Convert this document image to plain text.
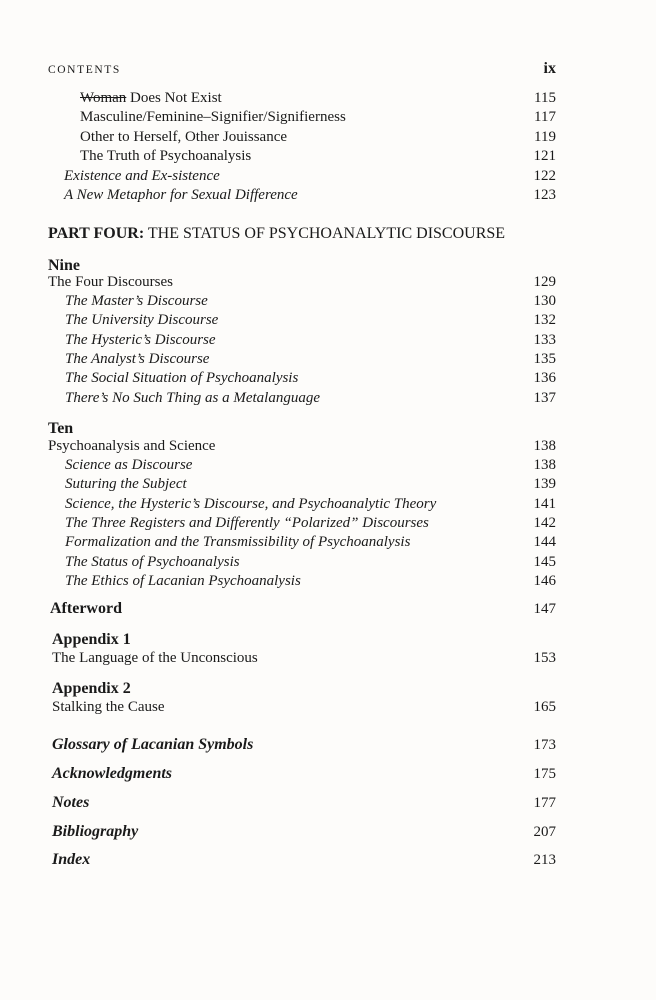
CONTENTS	ix
Woman Does Not Exist	115
Masculine/Feminine–Signifier/Signifierness	117
Other to Herself, Other Jouissance	119
The Truth of Psychoanalysis	121
Existence and Ex-sistence	122
A New Metaphor for Sexual Difference	123
PART FOUR: THE STATUS OF PSYCHOANALYTIC DISCOURSE
Nine
The Four Discourses	129
The Master’s Discourse	130
The University Discourse	132
The Hysteric’s Discourse	133
The Analyst’s Discourse	135
The Social Situation of Psychoanalysis	136
There’s No Such Thing as a Metalanguage	137
Ten
Psychoanalysis and Science	138
Science as Discourse	138
Suturing the Subject	139
Science, the Hysteric’s Discourse, and Psychoanalytic Theory	141
The Three Registers and Differently “Polarized” Discourses	142
Formalization and the Transmissibility of Psychoanalysis	144
The Status of Psychoanalysis	145
The Ethics of Lacanian Psychoanalysis	146
Afterword	147
Appendix 1
The Language of the Unconscious	153
Appendix 2
Stalking the Cause	165
Glossary of Lacanian Symbols	173
Acknowledgments	175
Notes	177
Bibliography	207
Index	213
